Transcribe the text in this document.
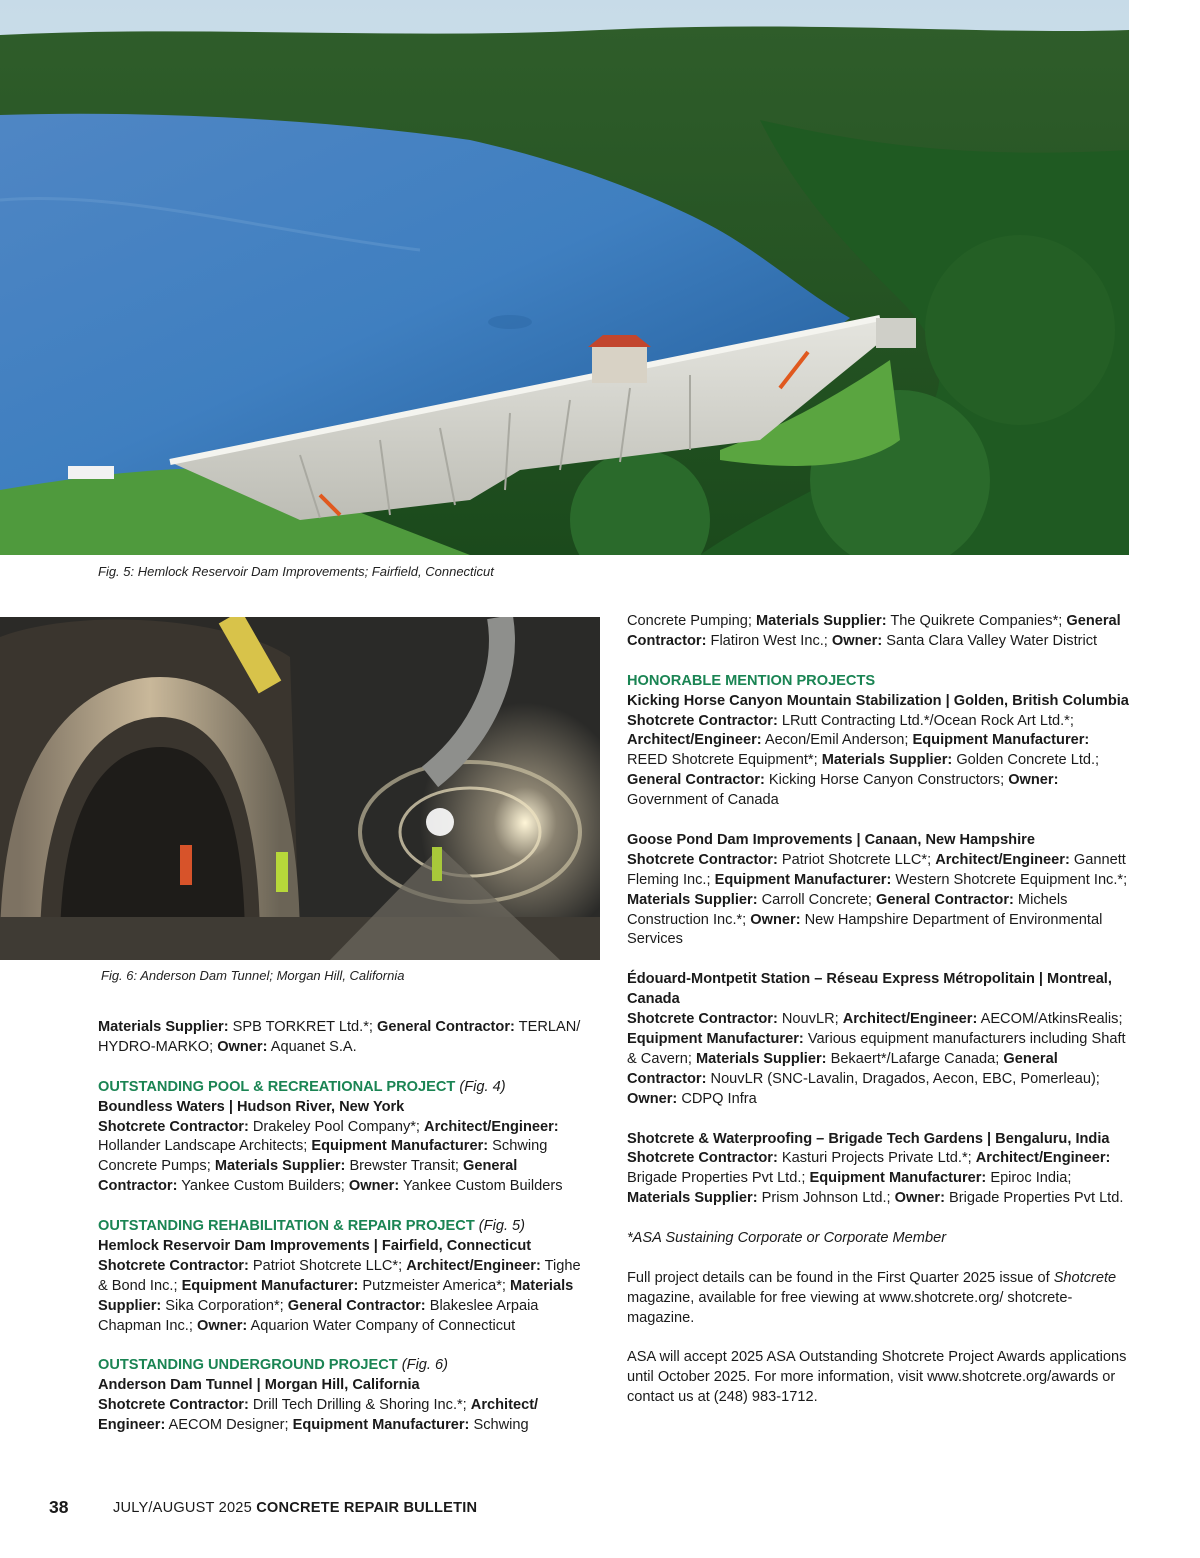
Fig. 5: Hemlock Reservoir Dam Improvements; Fairfield, Connecticut
Fig. 6: Anderson Dam Tunnel; Morgan Hill, California

Materials Supplier: SPB TORKRET Ltd.*; General Contractor: TERLAN/ HYDRO-MARKO; Owner: Aquanet S.A.

OUTSTANDING POOL & RECREATIONAL PROJECT (Fig. 4)
Boundless Waters | Hudson River, New York
Shotcrete Contractor: Drakeley Pool Company*; Architect/Engineer: Hollander Landscape Architects; Equipment Manufacturer: Schwing Concrete Pumps; Materials Supplier: Brewster Transit; General Contractor: Yankee Custom Builders; Owner: Yankee Custom Builders
OUTSTANDING REHABILITATION & REPAIR PROJECT (Fig. 5)
Hemlock Reservoir Dam Improvements | Fairfield, Connecticut
Shotcrete Contractor: Patriot Shotcrete LLC*; Architect/Engineer: Tighe & Bond Inc.; Equipment Manufacturer: Putzmeister America*; Materials Supplier: Sika Corporation*; General Contractor: Blakeslee Arpaia Chapman Inc.; Owner: Aquarion Water Company of Connecticut
OUTSTANDING UNDERGROUND PROJECT (Fig. 6)
Anderson Dam Tunnel | Morgan Hill, California
Shotcrete Contractor: Drill Tech Drilling & Shoring Inc.*; Architect/ Engineer: AECOM Designer; Equipment Manufacturer: Schwing

Concrete Pumping; Materials Supplier: The Quikrete Companies*; General Contractor: Flatiron West Inc.; Owner: Santa Clara Valley Water District

HONORABLE MENTION PROJECTS
Kicking Horse Canyon Mountain Stabilization | Golden, British Columbia
Shotcrete Contractor: LRutt Contracting Ltd.*/Ocean Rock Art Ltd.*; Architect/Engineer: Aecon/Emil Anderson; Equipment Manufacturer: REED Shotcrete Equipment*; Materials Supplier: Golden Concrete Ltd.; General Contractor: Kicking Horse Canyon Constructors; Owner: Government of Canada
Goose Pond Dam Improvements | Canaan, New Hampshire
Shotcrete Contractor: Patriot Shotcrete LLC*; Architect/Engineer: Gannett Fleming Inc.; Equipment Manufacturer: Western Shotcrete Equipment Inc.*; Materials Supplier: Carroll Concrete; General Contractor: Michels Construction Inc.*; Owner: New Hampshire Department of Environmental Services
Édouard-Montpetit Station – Réseau Express Métropolitain | Montreal, Canada
Shotcrete Contractor: NouvLR; Architect/Engineer: AECOM/AtkinsRealis; Equipment Manufacturer: Various equipment manufacturers including Shaft & Cavern; Materials Supplier: Bekaert*/Lafarge Canada; General Contractor: NouvLR (SNC-Lavalin, Dragados, Aecon, EBC, Pomerleau); Owner: CDPQ Infra
Shotcrete & Waterproofing – Brigade Tech Gardens | Bengaluru, India
Shotcrete Contractor: Kasturi Projects Private Ltd.*; Architect/Engineer: Brigade Properties Pvt Ltd.; Equipment Manufacturer: Epiroc India; Materials Supplier: Prism Johnson Ltd.; Owner: Brigade Properties Pvt Ltd.

*ASA Sustaining Corporate or Corporate Member

Full project details can be found in the First Quarter 2025 issue of Shotcrete magazine, available for free viewing at www.shotcrete.org/ shotcrete-magazine.

ASA will accept 2025 ASA Outstanding Shotcrete Project Awards applications until October 2025. For more information, visit www.shotcrete.org/awards or contact us at (248) 983-1712.

38	JULY/AUGUST 2025 CONCRETE REPAIR BULLETIN
